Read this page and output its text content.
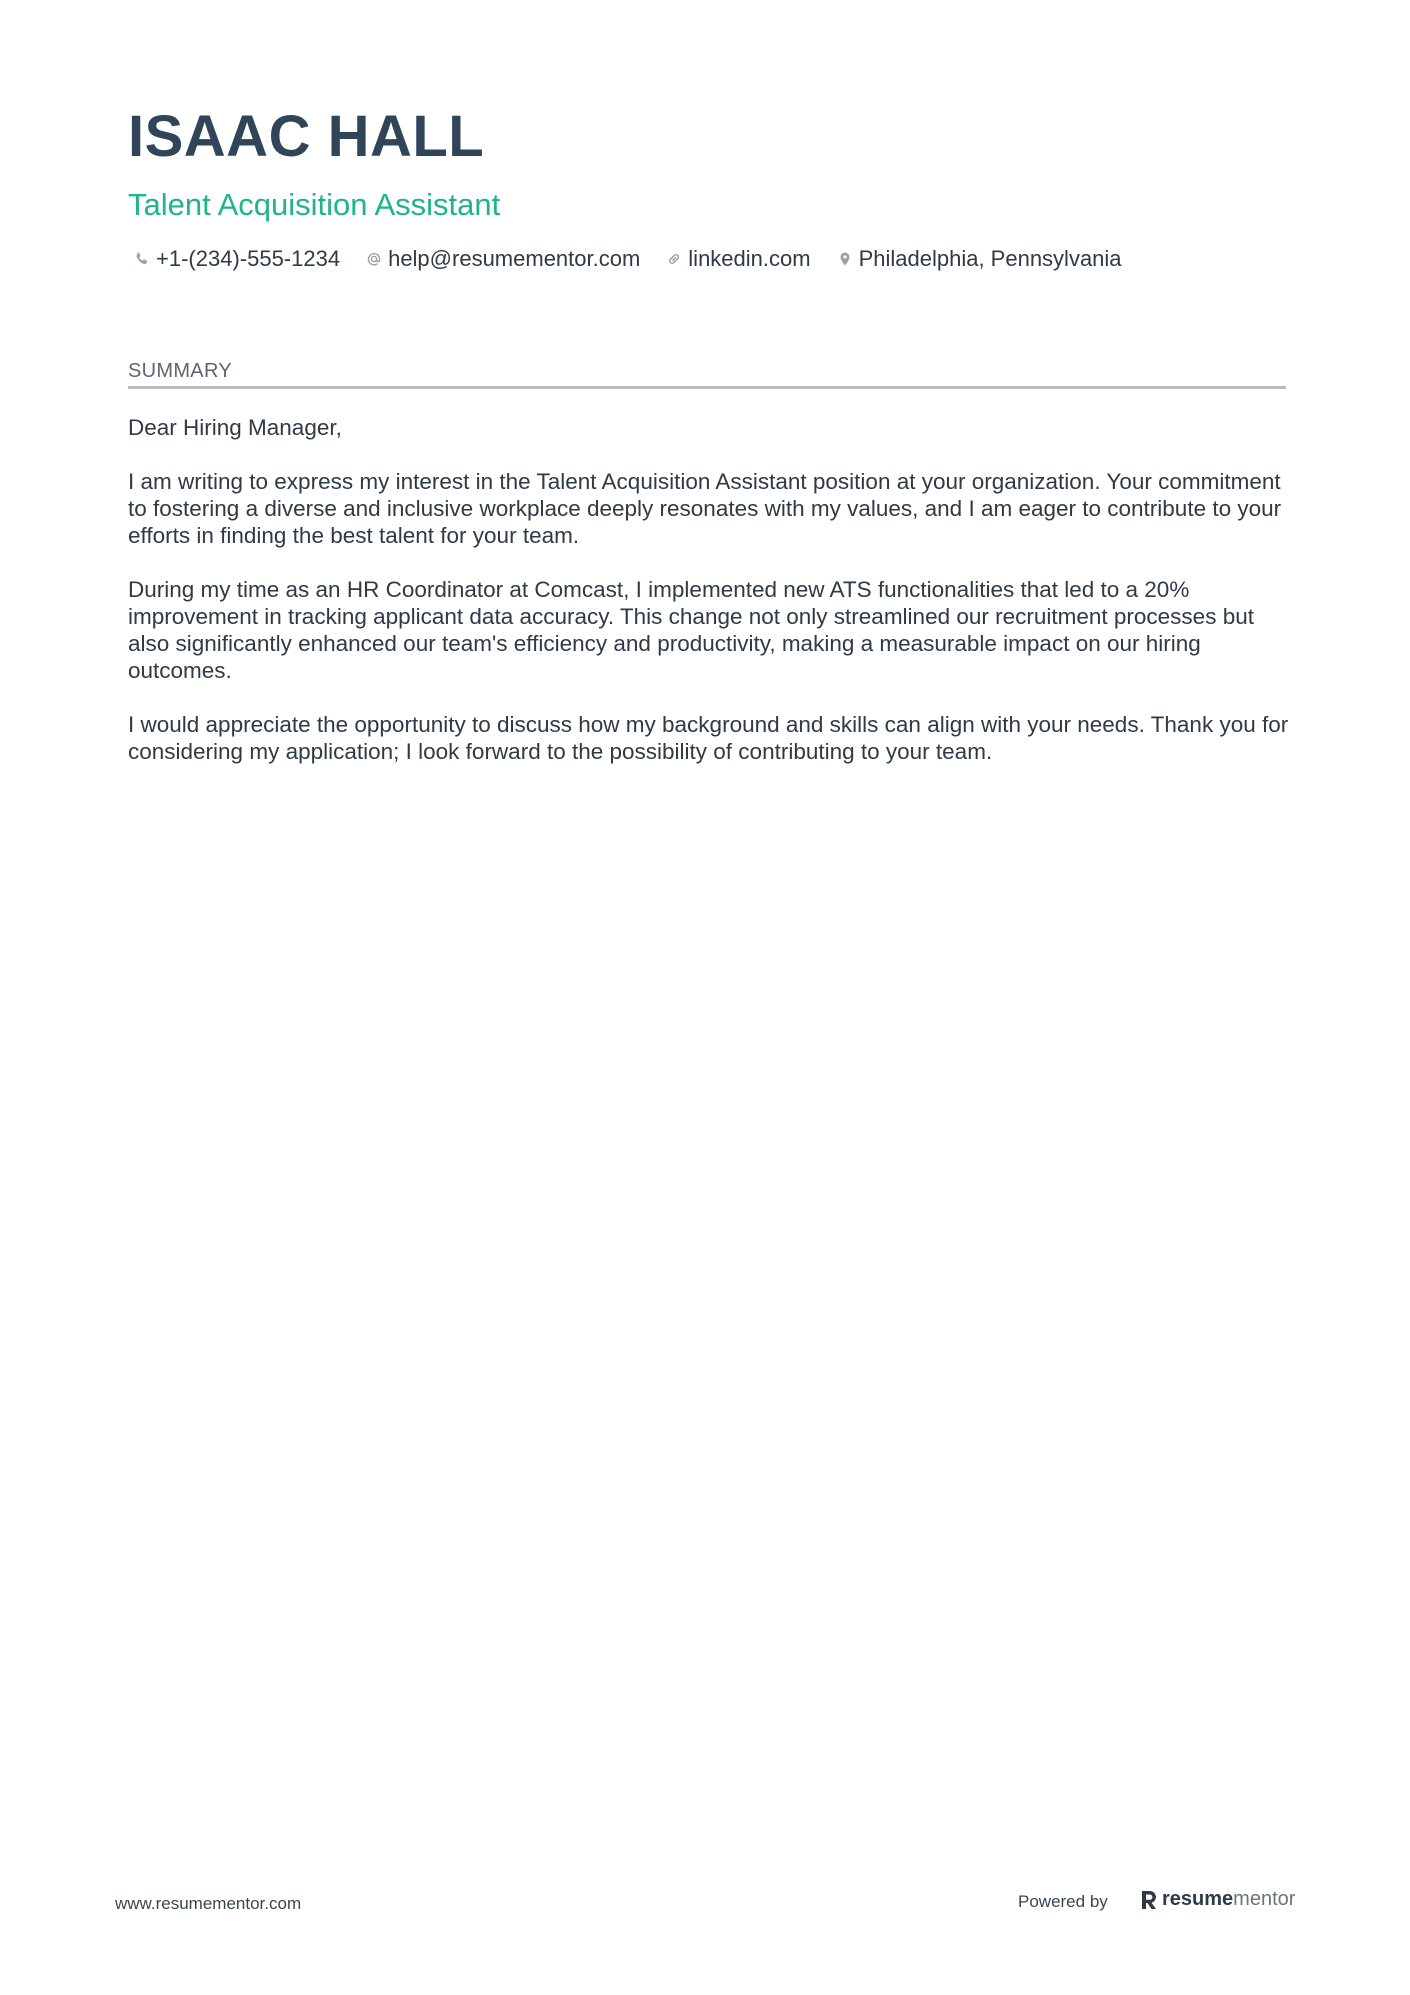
ISAAC HALL
Talent Acquisition Assistant
+1-(234)-555-1234 help@resumementor.com linkedin.com Philadelphia, Pennsylvania
SUMMARY

Dear Hiring Manager,

I am writing to express my interest in the Talent Acquisition Assistant position at your organization. Your commitment to fostering a diverse and inclusive workplace deeply resonates with my values, and I am eager to contribute to your efforts in finding the best talent for your team.

During my time as an HR Coordinator at Comcast, I implemented new ATS functionalities that led to a 20% improvement in tracking applicant data accuracy. This change not only streamlined our recruitment processes but also significantly enhanced our team's efficiency and productivity, making a measurable impact on our hiring outcomes.

I would appreciate the opportunity to discuss how my background and skills can align with your needs. Thank you for considering my application; I look forward to the possibility of contributing to your team.

www.resumementor.com	Powered by	resume mentor
